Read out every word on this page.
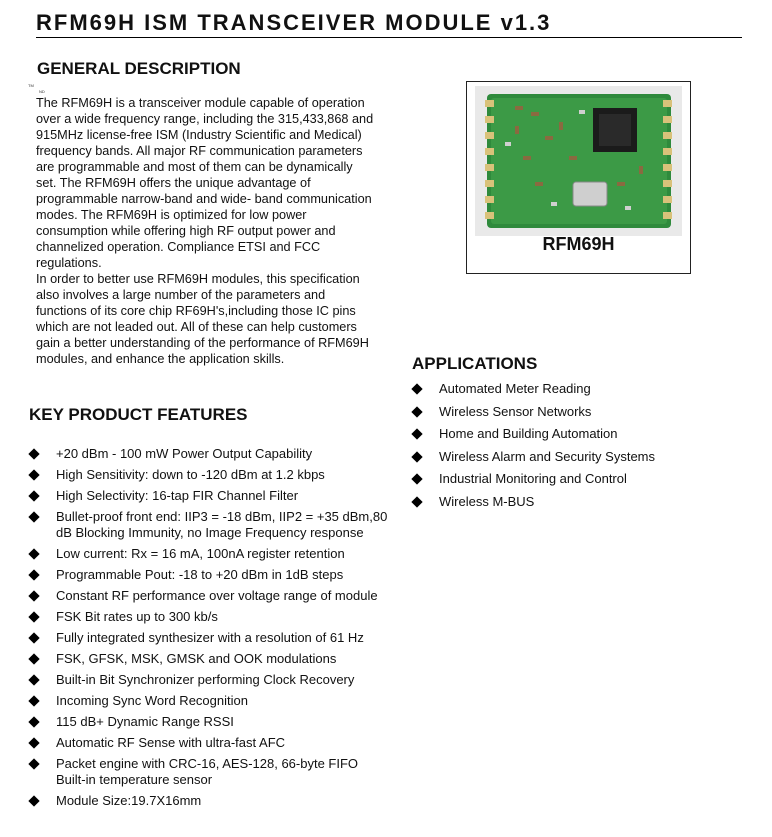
RFM69H ISM TRANSCEIVER MODULE v1.3
GENERAL DESCRIPTION
TM
ND

The RFM69H is a transceiver module capable of operation
over a wide frequency range, including the 315,433,868 and
915MHz license-free ISM (Industry Scientific and Medical)
frequency bands. All major RF communication parameters
are programmable and most of them can be dynamically
set. The RFM69H offers the unique advantage of
programmable narrow-band and wide- band communication
modes. The RFM69H is optimized for low power
consumption while offering high RF output power and
channelized operation. Compliance ETSI and FCC
regulations.
In order to better use RFM69H modules, this specification
also involves a large number of the parameters and
functions of its core chip RF69H's,including those IC pins
which are not leaded out. All of these can help customers
gain a better understanding of the performance of RFM69H
modules, and enhance the application skills.

RFM69H
APPLICATIONS
Automated Meter Reading
Wireless Sensor Networks
Home and Building Automation
Wireless Alarm and Security Systems
Industrial Monitoring and Control
Wireless M-BUS
KEY PRODUCT FEATURES
+20 dBm - 100 mW Power Output Capability
High Sensitivity: down to -120 dBm at 1.2 kbps
High Selectivity: 16-tap FIR Channel Filter
Bullet-proof front end: IIP3 = -18 dBm, IIP2 = +35 dBm,80
dB Blocking Immunity, no Image Frequency response
Low current: Rx = 16 mA, 100nA register retention
Programmable Pout: -18 to +20 dBm in 1dB steps
Constant RF performance over voltage range of module
FSK Bit rates up to 300 kb/s
Fully integrated synthesizer with a resolution of 61 Hz
FSK, GFSK, MSK, GMSK and OOK modulations
Built-in Bit Synchronizer performing Clock Recovery
Incoming Sync Word Recognition
115 dB+ Dynamic Range RSSI
Automatic RF Sense with ultra-fast AFC
Packet engine with CRC-16, AES-128, 66-byte FIFO
Built-in temperature sensor
Module Size:19.7X16mm
